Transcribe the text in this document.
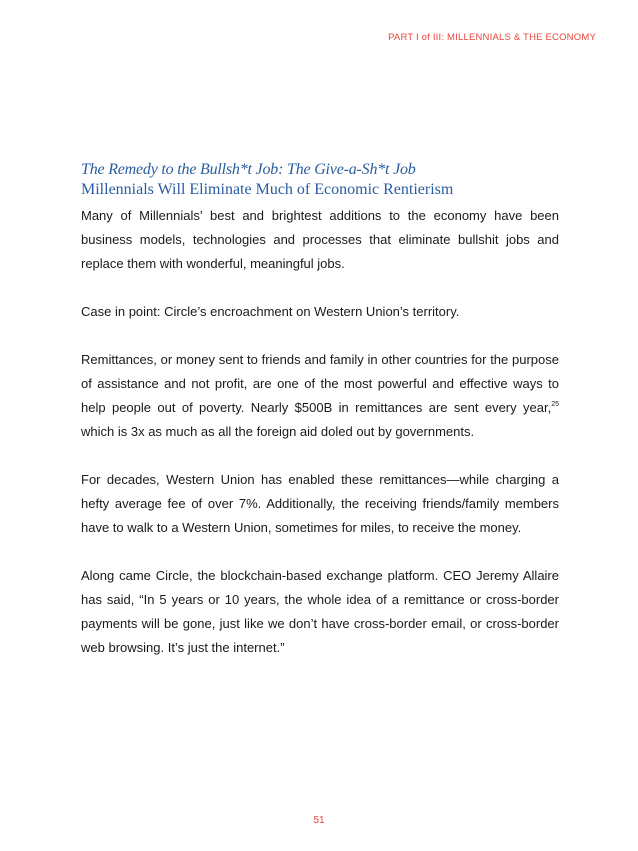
PART I of III: MILLENNIALS & THE ECONOMY
The Remedy to the Bullsh*t Job: The Give-a-Sh*t Job
Millennials Will Eliminate Much of Economic Rentierism

Many of Millennials’ best and brightest additions to the economy have been business models, technologies and processes that eliminate bullshit jobs and replace them with wonderful, meaningful jobs.

Case in point: Circle’s encroachment on Western Union’s territory.

Remittances, or money sent to friends and family in other countries for the purpose of assistance and not profit, are one of the most powerful and effective ways to help people out of poverty. Nearly $500B in remittances are sent every year,$^{25}$ which is 3x as much as all the foreign aid doled out by governments.

For decades, Western Union has enabled these remittances—while charging a hefty average fee of over 7%. Additionally, the receiving friends/family members have to walk to a Western Union, sometimes for miles, to receive the money.

Along came Circle, the blockchain-based exchange platform. CEO Jeremy Allaire has said, “In 5 years or 10 years, the whole idea of a remittance or cross-border payments will be gone, just like we don’t have cross-border email, or cross-border web browsing. It’s just the internet.”

51
